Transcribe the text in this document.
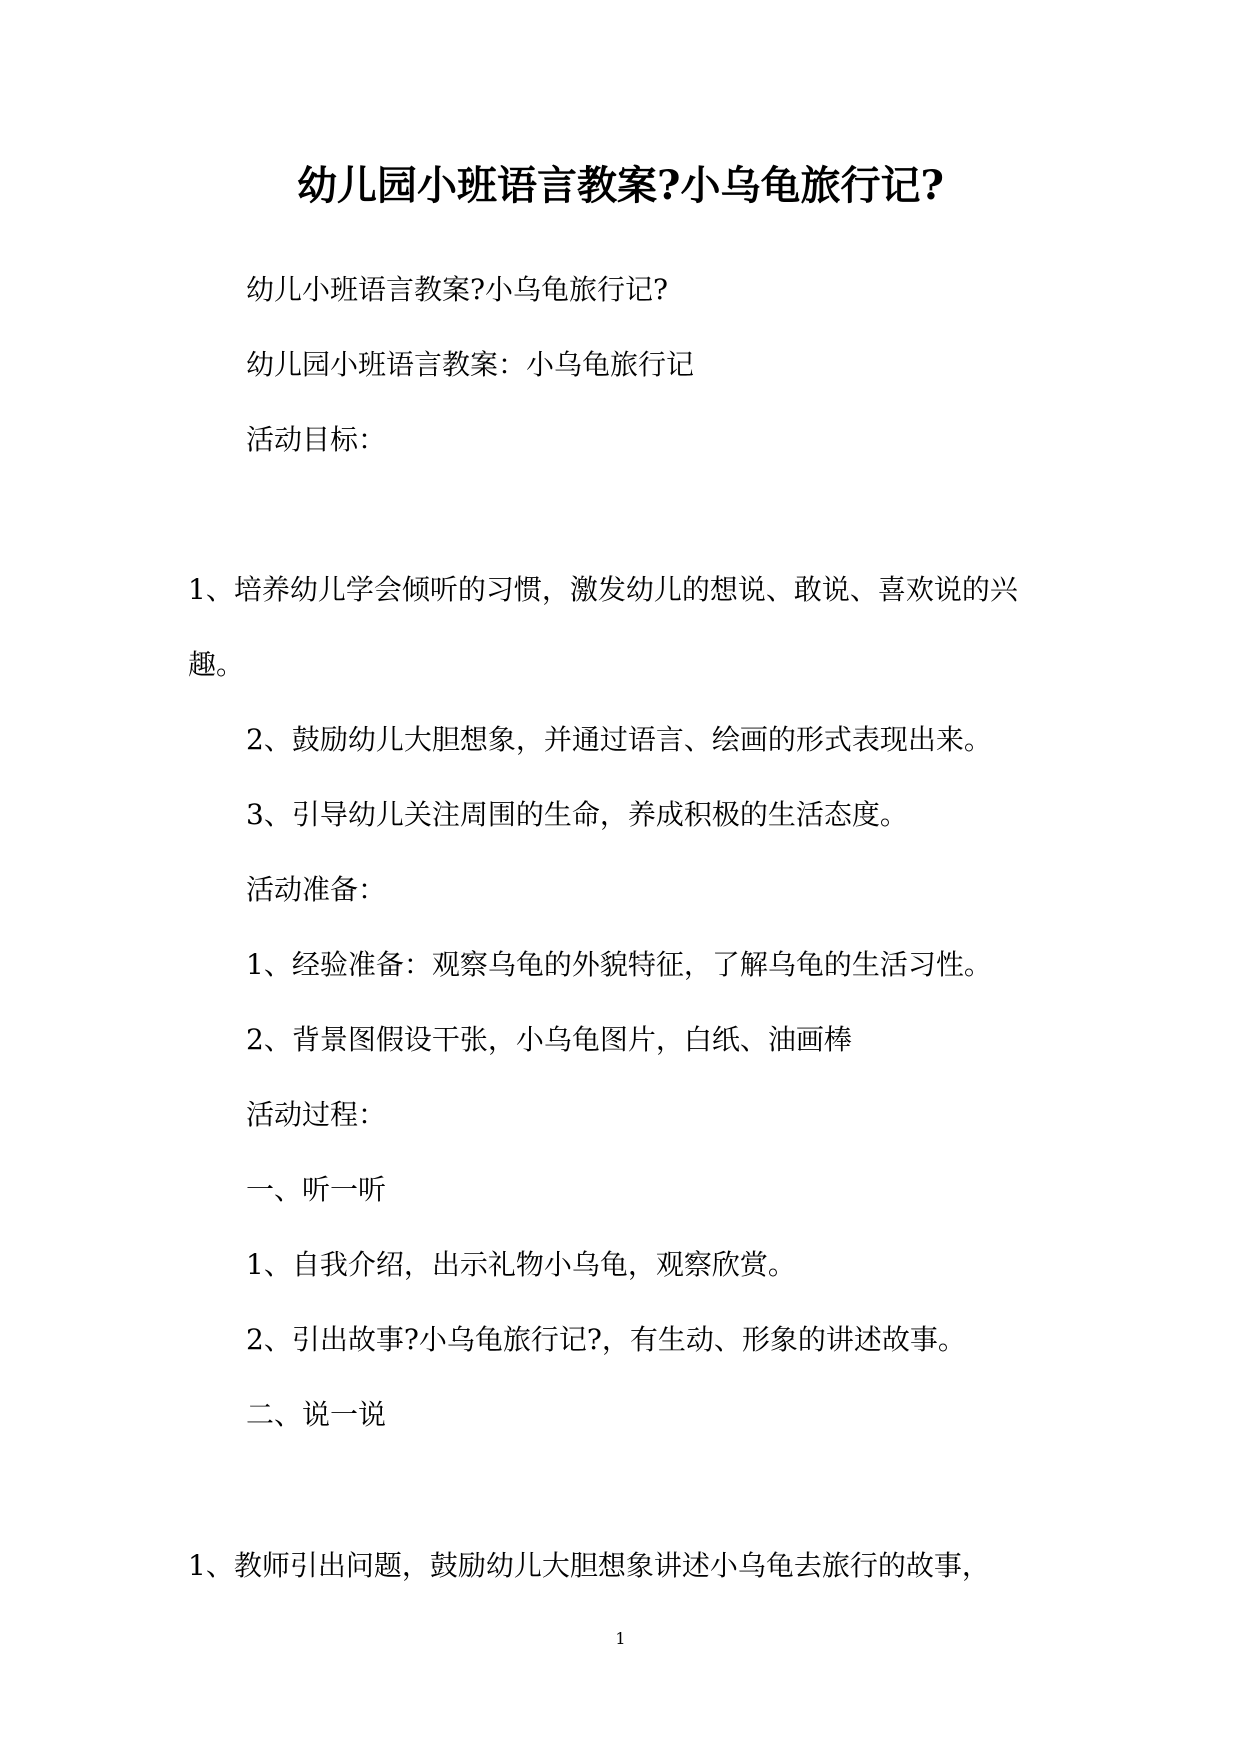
幼儿园小班语言教案?小乌龟旅行记?
幼儿小班语言教案?小乌龟旅行记?
幼儿园小班语言教案：小乌龟旅行记
活动目标：
1、培养幼儿学会倾听的习惯，激发幼儿的想说、敢说、喜欢说的兴
趣。
2、鼓励幼儿大胆想象，并通过语言、绘画的形式表现出来。
3、引导幼儿关注周围的生命，养成积极的生活态度。
活动准备：
1、经验准备：观察乌龟的外貌特征，了解乌龟的生活习性。
2、背景图假设干张，小乌龟图片，白纸、油画棒
活动过程：
一、听一听
1、自我介绍，出示礼物小乌龟，观察欣赏。
2、引出故事?小乌龟旅行记?，有生动、形象的讲述故事。
二、说一说
1、教师引出问题，鼓励幼儿大胆想象讲述小乌龟去旅行的故事，
1
